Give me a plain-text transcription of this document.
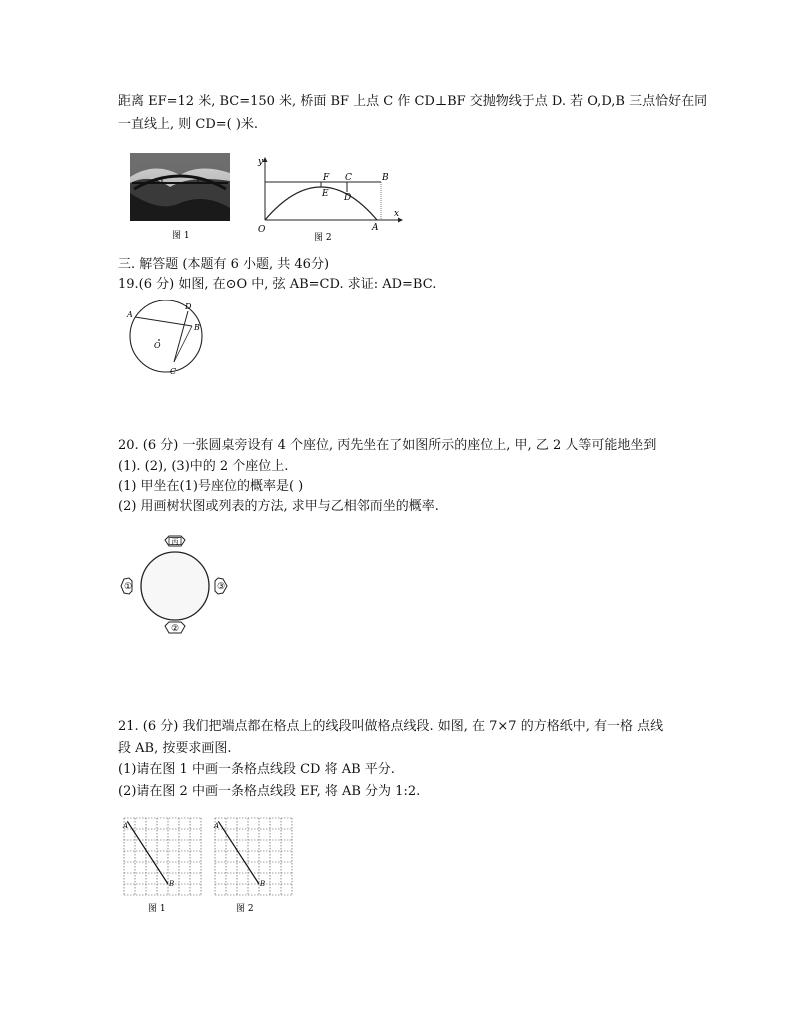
距离 EF=12 米, BC=150 米, 桥面 BF 上点 C 作 CD⊥BF 交抛物线于点 D. 若 O,D,B 三点恰好在同
一直线上, 则 CD=( )米.
图 1
y
x
O
F C	B
E D
A
图 2
三. 解答题 (本题有 6 小题, 共 46分)
19.(6 分) 如图, 在⊙O 中, 弦 AB=CD. 求证: AD=BC.
A
D
B
O
C
20. (6 分) 一张圆桌旁设有 4 个座位, 丙先坐在了如图所示的座位上, 甲, 乙 2 人等可能地坐到
(1). (2), (3)中的 2 个座位上.
(1) 甲坐在(1)号座位的概率是( )
(2) 用画树状图或列表的方法, 求甲与乙相邻而坐的概率.
丙
①	③
②
21. (6 分) 我们把端点都在格点上的线段叫做格点线段. 如图, 在 7×7 的方格纸中, 有一格 点线
段 AB, 按要求画图.
(1)请在图 1 中画一条格点线段 CD 将 AB 平分.
(2)请在图 2 中画一条格点线段 EF, 将 AB 分为 1:2.
A
B
A
B
图 1	图 2
